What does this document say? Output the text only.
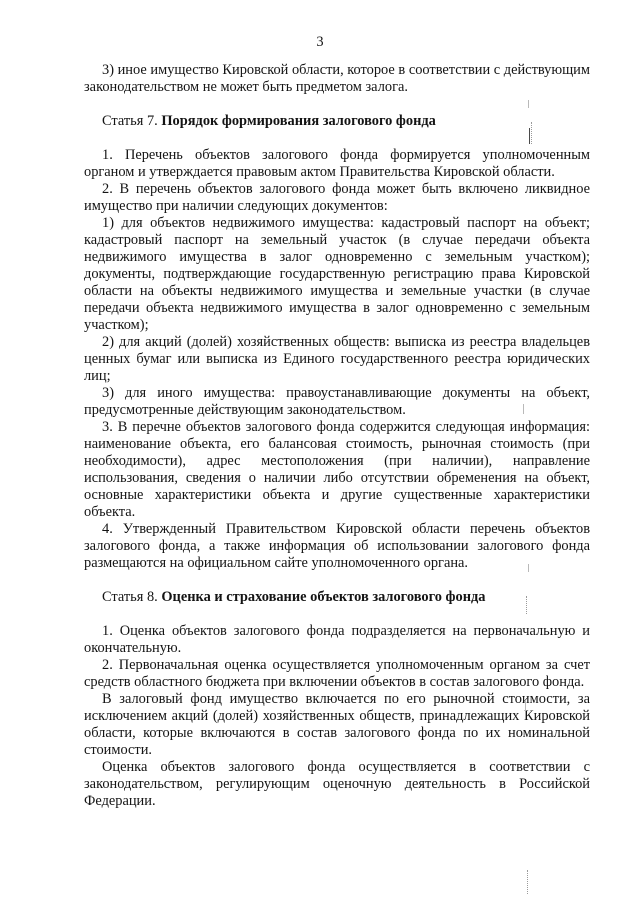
3

3) иное имущество Кировской области, которое в соответствии с действующим законодательством не может быть предметом залога.

Статья 7. Порядок формирования залогового фонда

1. Перечень объектов залогового фонда формируется уполномоченным органом и утверждается правовым актом Правительства Кировской области.

2. В перечень объектов залогового фонда может быть включено ликвидное имущество при наличии следующих документов:

1) для объектов недвижимого имущества: кадастровый паспорт на объект; кадастровый паспорт на земельный участок (в случае передачи объекта недвижимого имущества в залог одновременно с земельным участком); документы, подтверждающие государственную регистрацию права Кировской области на объекты недвижимого имущества и земельные участки (в случае передачи объекта недвижимого имущества в залог одновременно с земельным участком);

2) для акций (долей) хозяйственных обществ: выписка из реестра владельцев ценных бумаг или выписка из Единого государственного реестра юридических лиц;

3) для иного имущества: правоустанавливающие документы на объект, предусмотренные действующим законодательством.

3. В перечне объектов залогового фонда содержится следующая информация: наименование объекта, его балансовая стоимость, рыночная стоимость (при необходимости), адрес местоположения (при наличии), направление использования, сведения о наличии либо отсутствии обременения на объект, основные характеристики объекта и другие существенные характеристики объекта.

4. Утвержденный Правительством Кировской области перечень объектов залогового фонда, а также информация об использовании залогового фонда размещаются на официальном сайте уполномоченного органа.

Статья 8. Оценка и страхование объектов залогового фонда

1. Оценка объектов залогового фонда подразделяется на первоначальную и окончательную.

2. Первоначальная оценка осуществляется уполномоченным органом за счет средств областного бюджета при включении объектов в состав залогового фонда.

В залоговый фонд имущество включается по его рыночной стоимости, за исключением акций (долей) хозяйственных обществ, принадлежащих Кировской области, которые включаются в состав залогового фонда по их номинальной стоимости.

Оценка объектов залогового фонда осуществляется в соответствии с законодательством, регулирующим оценочную деятельность в Российской Федерации.
